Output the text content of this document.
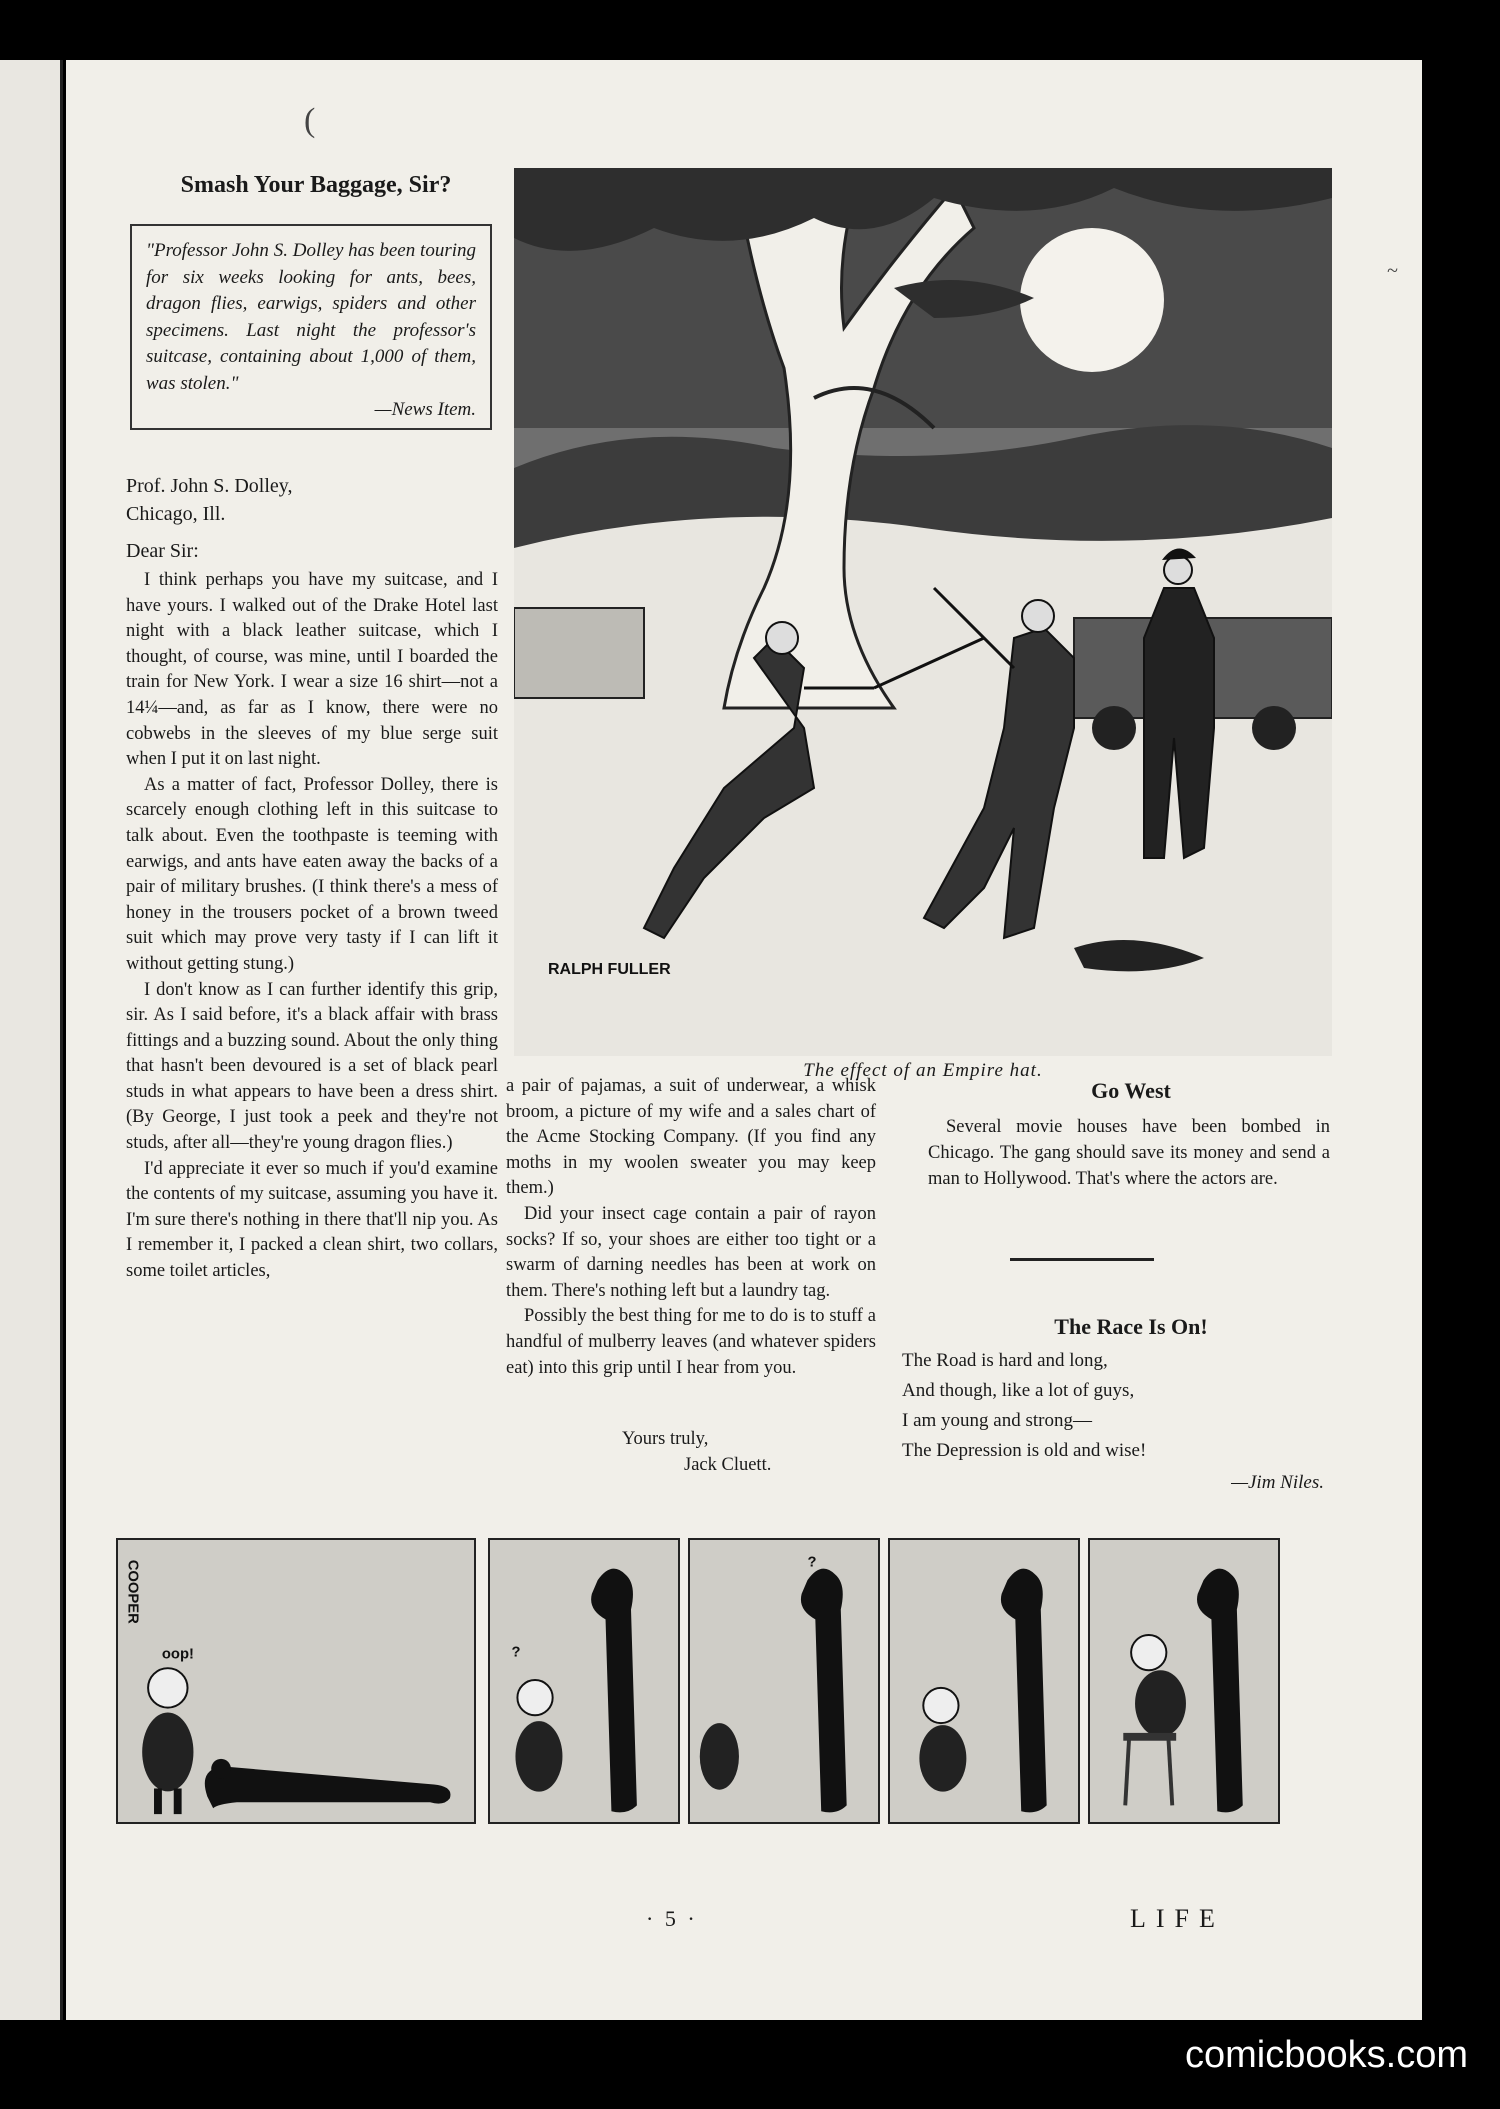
(
~
Smash Your Baggage, Sir?
"Professor John S. Dolley has been touring for six weeks looking for ants, bees, dragon flies, earwigs, spiders and other specimens. Last night the professor's suitcase, containing about 1,000 of them, was stolen."
—News Item.
Prof. John S. Dolley,
Chicago, Ill.
Dear Sir:

I think perhaps you have my suitcase, and I have yours. I walked out of the Drake Hotel last night with a black leather suitcase, which I thought, of course, was mine, until I boarded the train for New York. I wear a size 16 shirt—not a 14¼—and, as far as I know, there were no cobwebs in the sleeves of my blue serge suit when I put it on last night.

As a matter of fact, Professor Dolley, there is scarcely enough clothing left in this suitcase to talk about. Even the toothpaste is teeming with earwigs, and ants have eaten away the backs of a pair of military brushes. (I think there's a mess of honey in the trousers pocket of a brown tweed suit which may prove very tasty if I can lift it without getting stung.)

I don't know as I can further identify this grip, sir. As I said before, it's a black affair with brass fittings and a buzzing sound. About the only thing that hasn't been devoured is a set of black pearl studs in what appears to have been a dress shirt. (By George, I just took a peek and they're not studs, after all—they're young dragon flies.)

I'd appreciate it ever so much if you'd examine the contents of my suitcase, assuming you have it. I'm sure there's nothing in there that'll nip you. As I remember it, I packed a clean shirt, two collars, some toilet articles,

a pair of pajamas, a suit of underwear, a whisk broom, a picture of my wife and a sales chart of the Acme Stocking Company. (If you find any moths in my woolen sweater you may keep them.)

Did your insect cage contain a pair of rayon socks? If so, your shoes are either too tight or a swarm of darning needles has been at work on them. There's nothing left but a laundry tag.

Possibly the best thing for me to do is to stuff a handful of mulberry leaves (and whatever spiders eat) into this grip until I hear from you.

Yours truly,
Jack Cluett.
RALPH FULLER
The effect of an Empire hat.
Go West

Several movie houses have been bombed in Chicago. The gang should save its money and send a man to Hollywood. That's where the actors are.

The Race Is On!
The Road is hard and long,
And though, like a lot of guys,
I am young and strong—
The Depression is old and wise!
—Jim Niles.
COOPER
oop!	?
?
· 5 ·	LIFE
comicbooks.com
